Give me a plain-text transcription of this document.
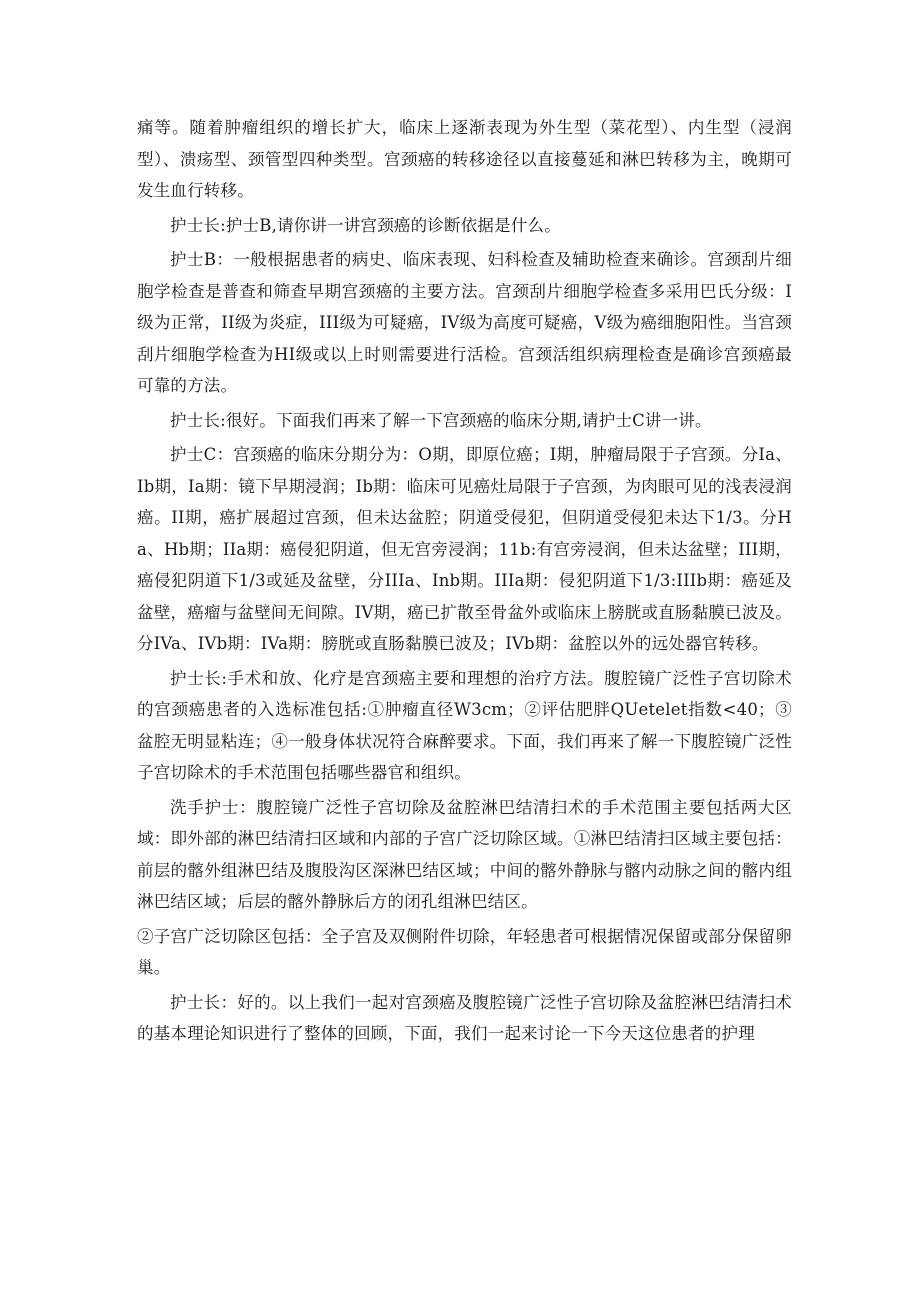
痛等。随着肿瘤组织的增长扩大，临床上逐渐表现为外生型（菜花型）、内生型（浸润型）、溃疡型、颈管型四种类型。宫颈癌的转移途径以直接蔓延和淋巴转移为主，晚期可发生血行转移。

护士长:护士B,请你讲一讲宫颈癌的诊断依据是什么。

护士B：一般根据患者的病史、临床表现、妇科检查及辅助检查来确诊。宫颈刮片细胞学检查是普查和筛查早期宫颈癌的主要方法。宫颈刮片细胞学检查多采用巴氏分级：I级为正常，II级为炎症，III级为可疑癌，IV级为高度可疑癌，V级为癌细胞阳性。当宫颈刮片细胞学检查为HI级或以上时则需要进行活检。宫颈活组织病理检查是确诊宫颈癌最可靠的方法。

护士长:很好。下面我们再来了解一下宫颈癌的临床分期,请护士C讲一讲。

护士C：宫颈癌的临床分期分为：O期，即原位癌；I期，肿瘤局限于子宫颈。分Ia、Ib期，Ia期：镜下早期浸润；Ib期：临床可见癌灶局限于子宫颈，为肉眼可见的浅表浸润癌。II期，癌扩展超过宫颈，但未达盆腔；阴道受侵犯，但阴道受侵犯未达下1/3。分Ha、Hb期；IIa期：癌侵犯阴道，但无宫旁浸润；11b:有宫旁浸润，但未达盆壁；III期，癌侵犯阴道下1/3或延及盆壁，分IIIa、Inb期。IIIa期：侵犯阴道下1/3:IIIb期：癌延及盆壁，癌瘤与盆壁间无间隙。IV期，癌已扩散至骨盆外或临床上膀胱或直肠黏膜已波及。分IVa、IVb期：IVa期：膀胱或直肠黏膜已波及；IVb期：盆腔以外的远处器官转移。

护士长:手术和放、化疗是宫颈癌主要和理想的治疗方法。腹腔镜广泛性子宫切除术的宫颈癌患者的入选标准包括:①肿瘤直径W3cm；②评估肥胖QUetelet指数<40；③盆腔无明显粘连；④一般身体状况符合麻醉要求。下面，我们再来了解一下腹腔镜广泛性子宫切除术的手术范围包括哪些器官和组织。

洗手护士：腹腔镜广泛性子宫切除及盆腔淋巴结清扫术的手术范围主要包括两大区域：即外部的淋巴结清扫区域和内部的子宫广泛切除区域。①淋巴结清扫区域主要包括：前层的髂外组淋巴结及腹股沟区深淋巴结区域；中间的髂外静脉与髂内动脉之间的髂内组淋巴结区域；后层的髂外静脉后方的闭孔组淋巴结区。

②子宫广泛切除区包括：全子宫及双侧附件切除，年轻患者可根据情况保留或部分保留卵巢。

护士长：好的。以上我们一起对宫颈癌及腹腔镜广泛性子宫切除及盆腔淋巴结清扫术的基本理论知识进行了整体的回顾，下面，我们一起来讨论一下今天这位患者的护理
